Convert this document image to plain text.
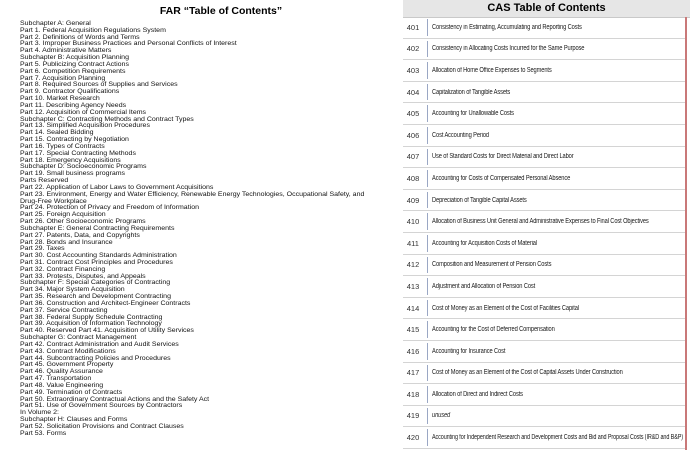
FAR “Table of Contents”
Subchapter A: General
Part 1. Federal Acquisition Regulations System
Part 2. Definitions of Words and Terms
Part 3. Improper Business Practices and Personal Conflicts of Interest
Part 4. Administrative Matters
Subchapter B: Acquisition Planning
Part 5. Publicizing Contract Actions
Part 6. Competition Requirements
Part 7. Acquisition Planning
Part 8. Required Sources of Supplies and Services
Part 9. Contractor Qualifications
Part 10. Market Research
Part 11. Describing Agency Needs
Part 12. Acquisition of Commercial Items
Subchapter C: Contracting Methods and Contract Types
Part 13. Simplified Acquisition Procedures
Part 14. Sealed Bidding
Part 15. Contracting by Negotiation
Part 16. Types of Contracts
Part 17. Special Contracting Methods
Part 18. Emergency Acquisitions
Subchapter D: Socioeconomic Programs
Part 19. Small business programs
Parts Reserved
Part 22. Application of Labor Laws to Government Acquisitions
Part 23. Environment, Energy and Water Efficiency, Renewable Energy Technologies, Occupational Safety, and
Drug-Free Workplace
Part 24. Protection of Privacy and Freedom of Information
Part 25. Foreign Acquisition
Part 26. Other Socioeconomic Programs
Subchapter E: General Contracting Requirements
Part 27. Patents, Data, and Copyrights
Part 28. Bonds and Insurance
Part 29. Taxes
Part 30. Cost Accounting Standards Administration
Part 31. Contract Cost Principles and Procedures
Part 32. Contract Financing
Part 33. Protests, Disputes, and Appeals
Subchapter F: Special Categories of Contracting
Part 34. Major System Acquisition
Part 35. Research and Development Contracting
Part 36. Construction and Architect-Engineer Contracts
Part 37. Service Contracting
Part 38. Federal Supply Schedule Contracting
Part 39. Acquisition of Information Technology
Part 40. Reserved Part 41. Acquisition of Utility Services
Subchapter G: Contract Management
Part 42. Contract Administration and Audit Services
Part 43. Contract Modifications
Part 44. Subcontracting Policies and Procedures
Part 45. Government Property
Part 46. Quality Assurance
Part 47. Transportation
Part 48. Value Engineering
Part 49. Termination of Contracts
Part 50. Extraordinary Contractual Actions and the Safety Act
Part 51. Use of Government Sources by Contractors
In Volume 2:
Subchapter H: Clauses and Forms
Part 52. Solicitation Provisions and Contract Clauses
Part 53. Forms
CAS Table of Contents
401	Consistency in Estimating, Accumulating and Reporting Costs
402	Consistency in Allocating Costs Incurred for the Same Purpose
403	Allocation of Home Office Expenses to Segments
404	Capitalization of Tangible Assets
405	Accounting for Unallowable Costs
406	Cost Accounting Period
407	Use of Standard Costs for Direct Material and Direct Labor
408	Accounting for Costs of Compensated Personal Absence
409	Depreciation of Tangible Capital Assets
410	Allocation of Business Unit General and Administrative Expenses to Final Cost Objectives
411	Accounting for Acquisition Costs of Material
412	Composition and Measurement of Pension Costs
413	Adjustment and Allocation of Pension Cost
414	Cost of Money as an Element of the Cost of Facilities Capital
415	Accounting for the Cost of Deferred Compensation
416	Accounting for Insurance Cost
417	Cost of Money as an Element of the Cost of Capital Assets Under Construction
418	Allocation of Direct and Indirect Costs
419	unused
420	Accounting for Independent Research and Development Costs and Bid and Proposal Costs (IR&D and B&P)
